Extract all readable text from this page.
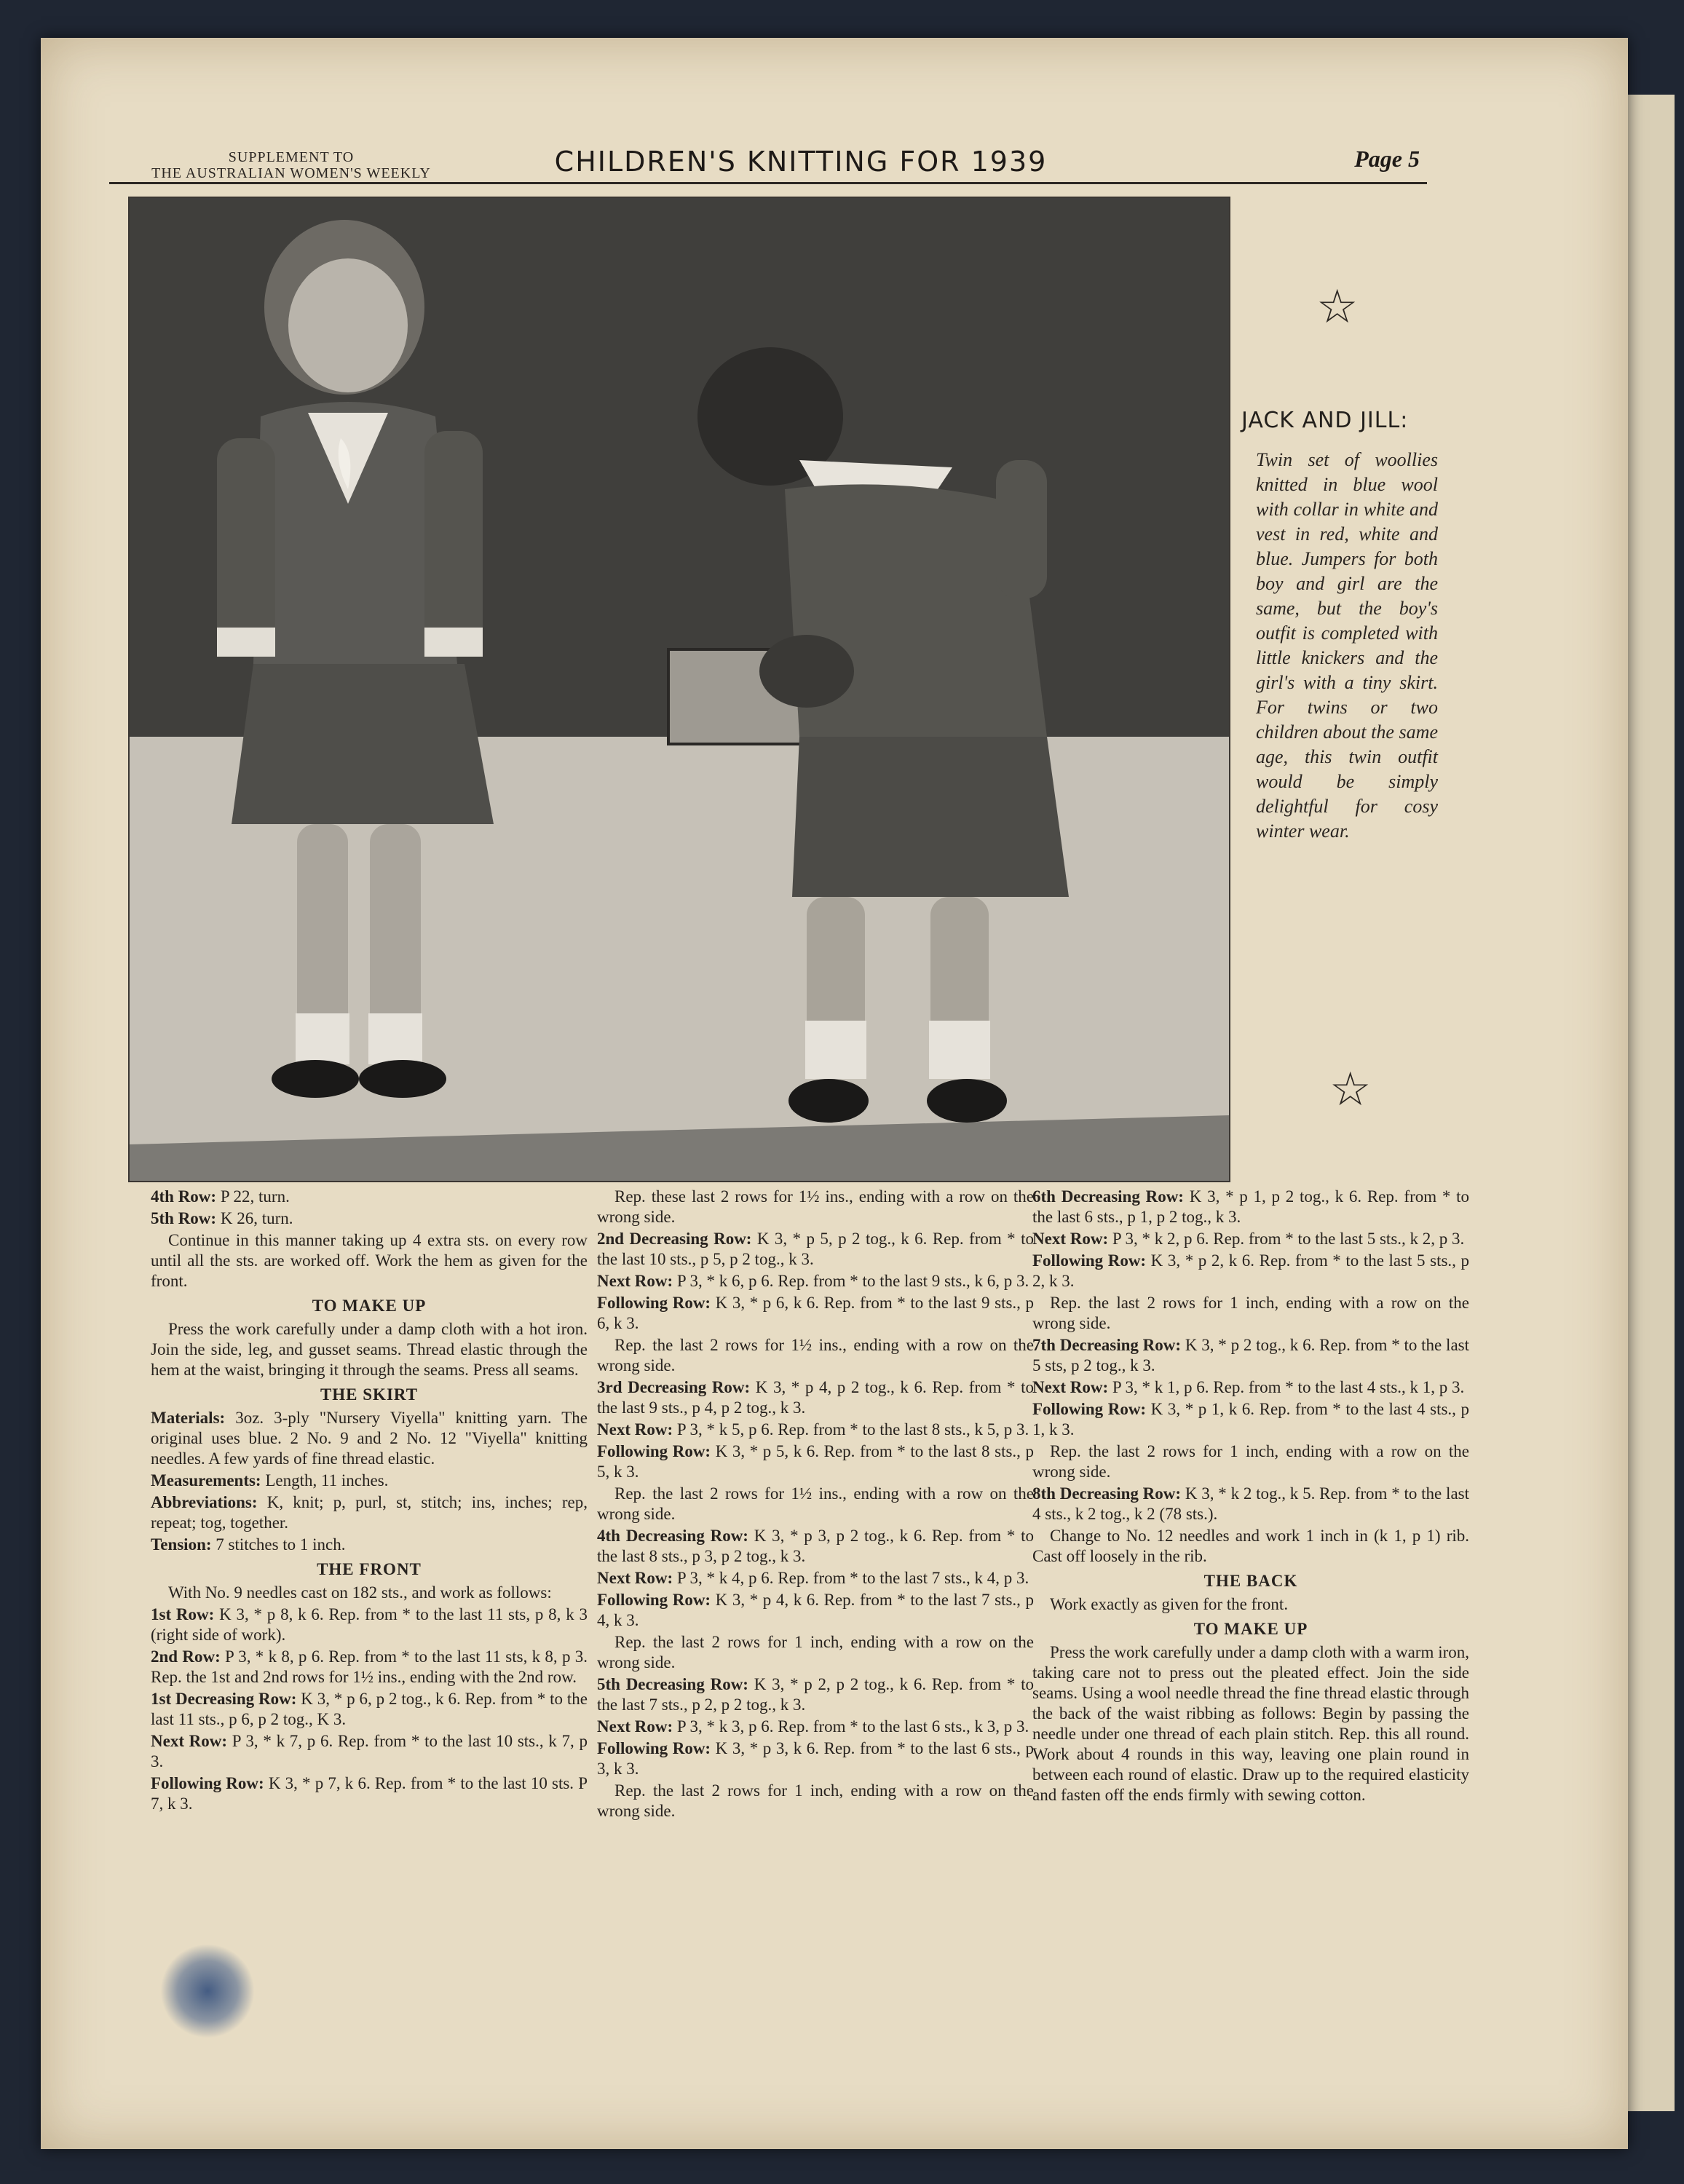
SUPPLEMENT TO
THE AUSTRALIAN WOMEN'S WEEKLY	CHILDREN'S KNITTING FOR 1939	Page 5
☆
JACK AND JILL:
Twin set of woollies knitted in blue wool with collar in white and vest in red, white and blue. Jumpers for both boy and girl are the same, but the boy's outfit is completed with little knickers and the girl's with a tiny skirt. For twins or two children about the same age, this twin outfit would be simply delightful for cosy winter wear.
☆

4th Row: P 22, turn.

5th Row: K 26, turn.

Continue in this manner taking up 4 extra sts. on every row until all the sts. are worked off. Work the hem as given for the front.

TO MAKE UP

Press the work carefully under a damp cloth with a hot iron. Join the side, leg, and gusset seams. Thread elastic through the hem at the waist, bringing it through the seams. Press all seams.

THE SKIRT

Materials: 3oz. 3-ply "Nursery Viyella" knitting yarn. The original uses blue. 2 No. 9 and 2 No. 12 "Viyella" knitting needles. A few yards of fine thread elastic.

Measurements: Length, 11 inches.

Abbreviations: K, knit; p, purl, st, stitch; ins, inches; rep, repeat; tog, together.

Tension: 7 stitches to 1 inch.

THE FRONT

With No. 9 needles cast on 182 sts., and work as follows:

1st Row: K 3, * p 8, k 6. Rep. from * to the last 11 sts, p 8, k 3 (right side of work).

2nd Row: P 3, * k 8, p 6. Rep. from * to the last 11 sts, k 8, p 3. Rep. the 1st and 2nd rows for 1½ ins., ending with the 2nd row.

1st Decreasing Row: K 3, * p 6, p 2 tog., k 6. Rep. from * to the last 11 sts., p 6, p 2 tog., K 3.

Next Row: P 3, * k 7, p 6. Rep. from * to the last 10 sts., k 7, p 3.

Following Row: K 3, * p 7, k 6. Rep. from * to the last 10 sts. P 7, k 3.

Rep. these last 2 rows for 1½ ins., ending with a row on the wrong side.

2nd Decreasing Row: K 3, * p 5, p 2 tog., k 6. Rep. from * to the last 10 sts., p 5, p 2 tog., k 3.

Next Row: P 3, * k 6, p 6. Rep. from * to the last 9 sts., k 6, p 3.

Following Row: K 3, * p 6, k 6. Rep. from * to the last 9 sts., p 6, k 3.

Rep. the last 2 rows for 1½ ins., ending with a row on the wrong side.

3rd Decreasing Row: K 3, * p 4, p 2 tog., k 6. Rep. from * to the last 9 sts., p 4, p 2 tog., k 3.

Next Row: P 3, * k 5, p 6. Rep. from * to the last 8 sts., k 5, p 3.

Following Row: K 3, * p 5, k 6. Rep. from * to the last 8 sts., p 5, k 3.

Rep. the last 2 rows for 1½ ins., ending with a row on the wrong side.

4th Decreasing Row: K 3, * p 3, p 2 tog., k 6. Rep. from * to the last 8 sts., p 3, p 2 tog., k 3.

Next Row: P 3, * k 4, p 6. Rep. from * to the last 7 sts., k 4, p 3.

Following Row: K 3, * p 4, k 6. Rep. from * to the last 7 sts., p 4, k 3.

Rep. the last 2 rows for 1 inch, ending with a row on the wrong side.

5th Decreasing Row: K 3, * p 2, p 2 tog., k 6. Rep. from * to the last 7 sts., p 2, p 2 tog., k 3.

Next Row: P 3, * k 3, p 6. Rep. from * to the last 6 sts., k 3, p 3.

Following Row: K 3, * p 3, k 6. Rep. from * to the last 6 sts., p 3, k 3.

Rep. the last 2 rows for 1 inch, ending with a row on the wrong side.

6th Decreasing Row: K 3, * p 1, p 2 tog., k 6. Rep. from * to the last 6 sts., p 1, p 2 tog., k 3.

Next Row: P 3, * k 2, p 6. Rep. from * to the last 5 sts., k 2, p 3.

Following Row: K 3, * p 2, k 6. Rep. from * to the last 5 sts., p 2, k 3.

Rep. the last 2 rows for 1 inch, ending with a row on the wrong side.

7th Decreasing Row: K 3, * p 2 tog., k 6. Rep. from * to the last 5 sts, p 2 tog., k 3.

Next Row: P 3, * k 1, p 6. Rep. from * to the last 4 sts., k 1, p 3.

Following Row: K 3, * p 1, k 6. Rep. from * to the last 4 sts., p 1, k 3.

Rep. the last 2 rows for 1 inch, ending with a row on the wrong side.

8th Decreasing Row: K 3, * k 2 tog., k 5. Rep. from * to the last 4 sts., k 2 tog., k 2 (78 sts.).

Change to No. 12 needles and work 1 inch in (k 1, p 1) rib. Cast off loosely in the rib.

THE BACK

Work exactly as given for the front.

TO MAKE UP

Press the work carefully under a damp cloth with a warm iron, taking care not to press out the pleated effect. Join the side seams. Using a wool needle thread the fine thread elastic through the back of the waist ribbing as follows: Begin by passing the needle under one thread of each plain stitch. Rep. this all round. Work about 4 rounds in this way, leaving one plain round in between each round of elastic. Draw up to the required elasticity and fasten off the ends firmly with sewing cotton.
